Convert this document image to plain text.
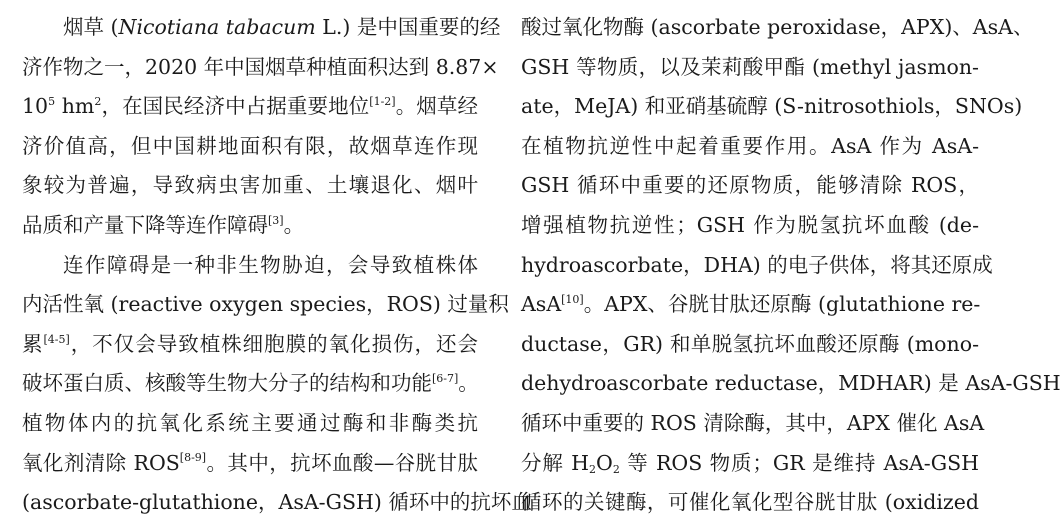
烟草 (Nicotiana tabacum L.) 是中国重要的经
济作物之一，2020 年中国烟草种植面积达到 8.87×
$10^5$ $hm^2$，在国民经济中占据重要地位[1-2]。烟草经
济价值高，但中国耕地面积有限，故烟草连作现
象较为普遍，导致病虫害加重、土壤退化、烟叶
品质和产量下降等连作障碍[3]。
连作障碍是一种非生物胁迫，会导致植株体
内活性氧 (reactive oxygen species，ROS) 过量积
累[4-5]，不仅会导致植株细胞膜的氧化损伤，还会
破坏蛋白质、核酸等生物大分子的结构和功能[6-7]。
植物体内的抗氧化系统主要通过酶和非酶类抗
氧化剂清除 ROS[8-9]。其中，抗坏血酸—谷胱甘肽
(ascorbate-glutathione，AsA-GSH) 循环中的抗坏血
酸过氧化物酶 (ascorbate peroxidase，APX)、AsA、
GSH 等物质，以及茉莉酸甲酯 (methyl jasmon-
ate，MeJA) 和亚硝基硫醇 (S-nitrosothiols，SNOs)
在植物抗逆性中起着重要作用。AsA 作为 AsA-
GSH 循环中重要的还原物质，能够清除 ROS，
增强植物抗逆性；GSH 作为脱氢抗坏血酸 (de-
hydroascorbate，DHA) 的电子供体，将其还原成
AsA[10]。APX、谷胱甘肽还原酶 (glutathione re-
ductase，GR) 和单脱氢抗坏血酸还原酶 (mono-
dehydroascorbate reductase，MDHAR) 是 AsA-GSH
循环中重要的 ROS 清除酶，其中，APX 催化 AsA
分解 $H_2O_2$ 等 ROS 物质；GR 是维持 AsA-GSH
循环的关键酶，可催化氧化型谷胱甘肽 (oxidized
